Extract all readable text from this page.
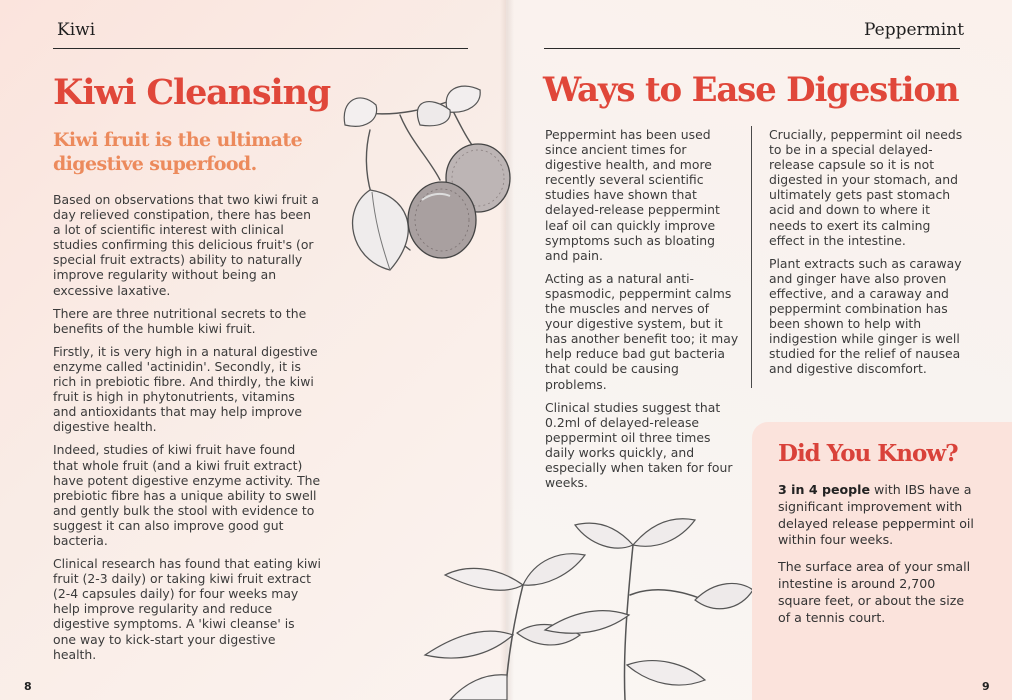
Kiwi
Kiwi Cleansing
Kiwi fruit is the ultimate
digestive superfood.

Based on observations that two kiwi fruit a day relieved constipation, there has been a lot of scientific interest with clinical studies confirming this delicious fruit's (or special fruit extracts) ability to naturally improve regularity without being an excessive laxative.

There are three nutritional secrets to the benefits of the humble kiwi fruit.

Firstly, it is very high in a natural digestive enzyme called 'actinidin'. Secondly, it is rich in prebiotic fibre. And thirdly, the kiwi fruit is high in phytonutrients, vitamins and antioxidants that may help improve digestive health.

Indeed, studies of kiwi fruit have found that whole fruit (and a kiwi fruit extract) have potent digestive enzyme activity. The prebiotic fibre has a unique ability to swell and gently bulk the stool with evidence to suggest it can also improve good gut bacteria.

Clinical research has found that eating kiwi fruit (2-3 daily) or taking kiwi fruit extract (2-4 capsules daily) for four weeks may help improve regularity and reduce digestive symptoms. A 'kiwi cleanse' is one way to kick-start your digestive health.

8
Peppermint
Ways to Ease Digestion

Peppermint has been used since ancient times for digestive health, and more recently several scientific studies have shown that delayed-release peppermint leaf oil can quickly improve symptoms such as bloating and pain.

Acting as a natural anti-spasmodic, peppermint calms the muscles and nerves of your digestive system, but it has another benefit too; it may help reduce bad gut bacteria that could be causing problems.

Clinical studies suggest that 0.2ml of delayed-release peppermint oil three times daily works quickly, and especially when taken for four weeks.

Crucially, peppermint oil needs to be in a special delayed-release capsule so it is not digested in your stomach, and ultimately gets past stomach acid and down to where it needs to exert its calming effect in the intestine.

Plant extracts such as caraway and ginger have also proven effective, and a caraway and peppermint combination has been shown to help with indigestion while ginger is well studied for the relief of nausea and digestive discomfort.

Did You Know?

3 in 4 people with IBS have a significant improvement with delayed release peppermint oil within four weeks.

The surface area of your small intestine is around 2,700 square feet, or about the size of a tennis court.

9
